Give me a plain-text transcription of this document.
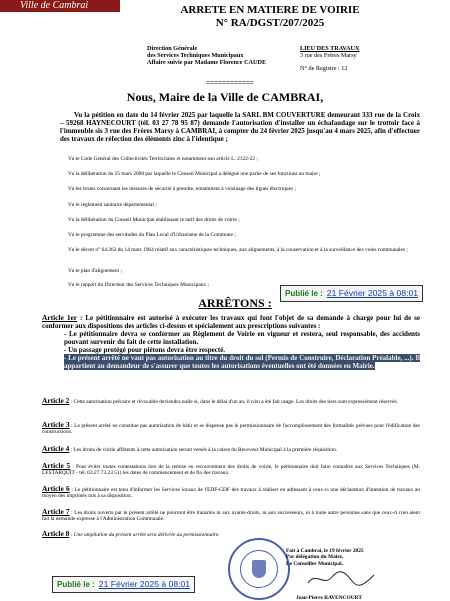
Ville de Cambrai	ARRETE EN MATIERE DE VOIRIE
N° RA/DGST/207/2025
Direction Générale
des Services Techniques Municipaux
Affaire suivie par Madame Florence CAUDE
LIEU DES TRAVAUX
3 rue des Frères Marsy
N° de Registre : 12
============
Nous, Maire de la Ville de CAMBRAI,
Vu la pétition en date du 14 février 2025 par laquelle la SARL BM COUVERTURE demeurant 333 rue de la Croix – 59268 HAYNECOURT (tél. 03 27 78 95 87) demande l'autorisation d'installer un échafaudage sur le trottoir face à l'immeuble sis 3 rue des Frères Marsy à CAMBRAI, à compter du 24 février 2025 jusqu'au 4 mars 2025, afin d'effectuer des travaux de réfection des éléments zinc à l'identique ;

Vu le Code Général des Collectivités Territoriales et notamment son article L. 2122-22 ;

Vu la délibération du 25 mars 2008 par laquelle le Conseil Municipal a délégué une partie de ses fonctions au maire ;

Vu les textes concernant les mesures de sécurité à prendre, notamment à voisinage des lignes électriques ;

Vu le règlement sanitaire départemental ;

Vu la délibération du Conseil Municipal établissant le tarif des droits de voirie ;

Vu le programme des servitudes du Plan Local d'Urbanisme de la Commune ;

Vu le décret n° 64.262 du 14 mars 1964 relatif aux caractéristiques techniques, aux alignements, à la conservation et à la surveillance des voies communales ;

Vu le plan d'alignement ;

Vu le rapport du Directeur des Services Techniques Municipaux ;

Publié le : 21 Février 2025 à 08:01
ARRÊTONS :
Article 1er : Le pétitionnaire est autorisé à exécuter les travaux qui font l'objet de sa demande à charge pour lui de se conformer aux dispositions des articles ci-dessus et spécialement aux prescriptions suivantes :
- Le pétitionnaire devra se conformer au Règlement de Voirie en vigueur et restera, seul responsable, des accidents pouvant survenir du fait de cette installation.
- Un passage protégé pour piétons devra être respecté.
- Le présent arrêté ne vaut pas autorisation au titre du droit du sol (Permis de Construire, Déclaration Préalable, ...). Il appartient au demandeur de s'assurer que toutes les autorisations éventuelles ont été données en Mairie.
Article 2 : Cette autorisation précaire et révocable deviendra nulle si, dans le délai d'un an, il n'en a été fait usage. Les droits des tiers sont expressément réservés.
Article 3 : Le présent arrêté ne constitue pas autorisation de bâtir et se dispense pas le permissionnaire de l'accomplissement des formalités prévues pour l'édification des constructions.
Article 4 : Les droits de voirie afférents à cette autorisation seront versés à la caisse du Receveur Municipal à la première réquisition.
Article 5 : Pour éviter toutes contestations lors de la remise en recouvrement des droits de voirie, le pétitionnaire doit faire connaître aux Services Techniques (M. LESTARQUIT - tél. 03.27.73.23.51) les dates de commencement et de fin des travaux.
Article 6 : Le pétitionnaire est tenu d'informer les Services locaux de l'EDF-GDF des travaux à réaliser en adressant à ceux-ci une déclaration d'intention de travaux au moyen des imprimés mis à sa disposition.
Article 7 : Les droits ouverts par le présent arrêté ne pourront être transmis ni aux ayants-droits, ni aux successeurs, ni à toute autre personne sans que ceux-ci n'en aient fait la demande expresse à l'Administration Communale.
Article 8 : Une ampliation du présent arrêté sera délivrée au permissionnaire.
Fait à Cambrai, le 19 février 2025
Par délégation du Maire,
Le Conseiller Municipal,
Jean-Pierre RAVENCOURT
Publié le : 21 Février 2025 à 08:01
